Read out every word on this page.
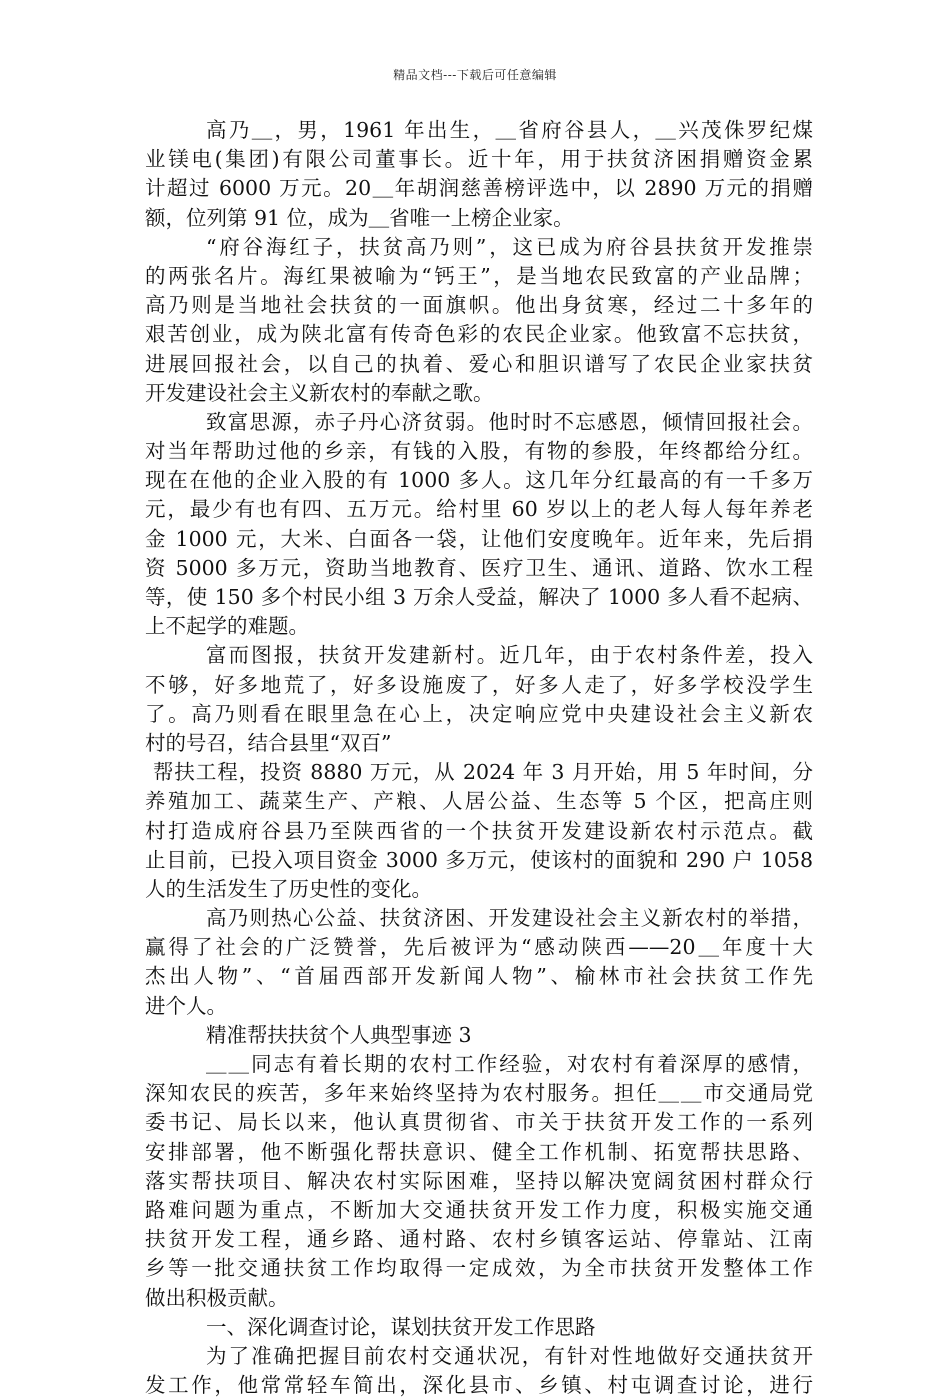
精品文档---下载后可任意编辑
高乃＿，男，1961 年出生，＿省府谷县人，＿兴茂侏罗纪煤
业镁电(集团)有限公司董事长。近十年，用于扶贫济困捐赠资金累
计超过 6000 万元。20＿年胡润慈善榜评选中，以 2890 万元的捐赠
额，位列第 91 位，成为＿省唯一上榜企业家。
“府谷海红子，扶贫高乃则”，这已成为府谷县扶贫开发推崇
的两张名片。海红果被喻为“钙王”，是当地农民致富的产业品牌；
高乃则是当地社会扶贫的一面旗帜。他出身贫寒，经过二十多年的
艰苦创业，成为陕北富有传奇色彩的农民企业家。他致富不忘扶贫，
进展回报社会，以自己的执着、爱心和胆识谱写了农民企业家扶贫
开发建设社会主义新农村的奉献之歌。
致富思源，赤子丹心济贫弱。他时时不忘感恩，倾情回报社会。
对当年帮助过他的乡亲，有钱的入股，有物的参股，年终都给分红。
现在在他的企业入股的有 1000 多人。这几年分红最高的有一千多万
元，最少有也有四、五万元。给村里 60 岁以上的老人每人每年养老
金 1000 元，大米、白面各一袋，让他们安度晚年。近年来，先后捐
资 5000 多万元，资助当地教育、医疗卫生、通讯、道路、饮水工程
等，使 150 多个村民小组 3 万余人受益，解决了 1000 多人看不起病、
上不起学的难题。
富而图报，扶贫开发建新村。近几年，由于农村条件差，投入
不够，好多地荒了，好多设施废了，好多人走了，好多学校没学生
了。高乃则看在眼里急在心上，决定响应党中央建设社会主义新农
村的号召，结合县里“双百”
帮扶工程，投资 8880 万元，从 2024 年 3 月开始，用 5 年时间，分
养殖加工、蔬菜生产、产粮、人居公益、生态等 5 个区，把高庄则
村打造成府谷县乃至陕西省的一个扶贫开发建设新农村示范点。截
止目前，已投入项目资金 3000 多万元，使该村的面貌和 290 户 1058
人的生活发生了历史性的变化。
高乃则热心公益、扶贫济困、开发建设社会主义新农村的举措，
赢得了社会的广泛赞誉，先后被评为“感动陕西——20＿年度十大
杰出人物”、“首届西部开发新闻人物”、榆林市社会扶贫工作先
进个人。
精准帮扶扶贫个人典型事迹 3
＿＿同志有着长期的农村工作经验，对农村有着深厚的感情，
深知农民的疾苦，多年来始终坚持为农村服务。担任＿＿市交通局党
委书记、局长以来，他认真贯彻省、市关于扶贫开发工作的一系列
安排部署，他不断强化帮扶意识、健全工作机制、拓宽帮扶思路、
落实帮扶项目、解决农村实际困难，坚持以解决宽阔贫困村群众行
路难问题为重点，不断加大交通扶贫开发工作力度，积极实施交通
扶贫开发工程，通乡路、通村路、农村乡镇客运站、停靠站、江南
乡等一批交通扶贫工作均取得一定成效，为全市扶贫开发整体工作
做出积极贡献。
一、深化调查讨论，谋划扶贫开发工作思路
为了准确把握目前农村交通状况，有针对性地做好交通扶贫开
发工作，他常常轻车简出，深化县市、乡镇、村屯调查讨论，进行
